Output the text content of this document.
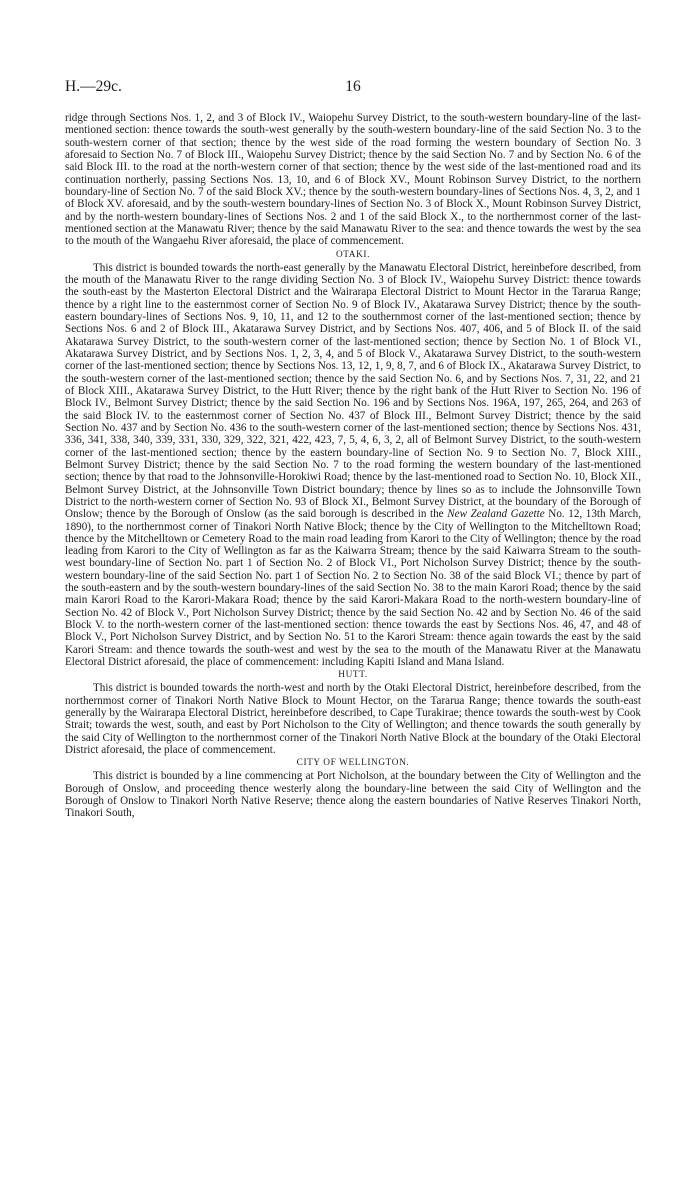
H.—29c.	16

ridge through Sections Nos. 1, 2, and 3 of Block IV., Waiopehu Survey District, to the south-western boundary-line of the last-mentioned section: thence towards the south-west generally by the south-western boundary-line of the said Section No. 3 to the south-western corner of that section; thence by the west side of the road forming the western boundary of Section No. 3 aforesaid to Section No. 7 of Block III., Waiopehu Survey District; thence by the said Section No. 7 and by Section No. 6 of the said Block III. to the road at the north-western corner of that section; thence by the west side of the last-mentioned road and its continuation northerly, passing Sections Nos. 13, 10, and 6 of Block XV., Mount Robinson Survey District, to the northern boundary-line of Section No. 7 of the said Block XV.; thence by the south-western boundary-lines of Sections Nos. 4, 3, 2, and 1 of Block XV. aforesaid, and by the south-western boundary-lines of Section No. 3 of Block X., Mount Robinson Survey District, and by the north-western boundary-lines of Sections Nos. 2 and 1 of the said Block X., to the northernmost corner of the last-mentioned section at the Manawatu River; thence by the said Manawatu River to the sea: and thence towards the west by the sea to the mouth of the Wangaehu River aforesaid, the place of commencement.

OTAKI.

This district is bounded towards the north-east generally by the Manawatu Electoral District, hereinbefore described, from the mouth of the Manawatu River to the range dividing Section No. 3 of Block IV., Waiopehu Survey District: thence towards the south-east by the Masterton Electoral District and the Wairarapa Electoral District to Mount Hector in the Tararua Range; thence by a right line to the easternmost corner of Section No. 9 of Block IV., Akatarawa Survey District; thence by the south-eastern boundary-lines of Sections Nos. 9, 10, 11, and 12 to the southernmost corner of the last-mentioned section; thence by Sections Nos. 6 and 2 of Block III., Akatarawa Survey District, and by Sections Nos. 407, 406, and 5 of Block II. of the said Akatarawa Survey District, to the south-western corner of the last-mentioned section; thence by Section No. 1 of Block VI., Akatarawa Survey District, and by Sections Nos. 1, 2, 3, 4, and 5 of Block V., Akatarawa Survey District, to the south-western corner of the last-mentioned section; thence by Sections Nos. 13, 12, 1, 9, 8, 7, and 6 of Block IX., Akatarawa Survey District, to the south-western corner of the last-mentioned section; thence by the said Section No. 6, and by Sections Nos. 7, 31, 22, and 21 of Block XIII., Akatarawa Survey District, to the Hutt River; thence by the right bank of the Hutt River to Section No. 196 of Block IV., Belmont Survey District; thence by the said Section No. 196 and by Sections Nos. 196A, 197, 265, 264, and 263 of the said Block IV. to the easternmost corner of Section No. 437 of Block III., Belmont Survey District; thence by the said Section No. 437 and by Section No. 436 to the south-western corner of the last-mentioned section; thence by Sections Nos. 431, 336, 341, 338, 340, 339, 331, 330, 329, 322, 321, 422, 423, 7, 5, 4, 6, 3, 2, all of Belmont Survey District, to the south-western corner of the last-mentioned section; thence by the eastern boundary-line of Section No. 9 to Section No. 7, Block XIII., Belmont Survey District; thence by the said Section No. 7 to the road forming the western boundary of the last-mentioned section; thence by that road to the Johnsonville-Horokiwi Road; thence by the last-mentioned road to Section No. 10, Block XII., Belmont Survey District, at the Johnsonville Town District boundary; thence by lines so as to include the Johnsonville Town District to the north-western corner of Section No. 93 of Block XI., Belmont Survey District, at the boundary of the Borough of Onslow; thence by the Borough of Onslow (as the said borough is described in the New Zealand Gazette No. 12, 13th March, 1890), to the northernmost corner of Tinakori North Native Block; thence by the City of Wellington to the Mitchelltown Road; thence by the Mitchelltown or Cemetery Road to the main road leading from Karori to the City of Wellington; thence by the road leading from Karori to the City of Wellington as far as the Kaiwarra Stream; thence by the said Kaiwarra Stream to the south-west boundary-line of Section No. part 1 of Section No. 2 of Block VI., Port Nicholson Survey District; thence by the south-western boundary-line of the said Section No. part 1 of Section No. 2 to Section No. 38 of the said Block VI.; thence by part of the south-eastern and by the south-western boundary-lines of the said Section No. 38 to the main Karori Road; thence by the said main Karori Road to the Karori-Makara Road; thence by the said Karori-Makara Road to the north-western boundary-line of Section No. 42 of Block V., Port Nicholson Survey District; thence by the said Section No. 42 and by Section No. 46 of the said Block V. to the north-western corner of the last-mentioned section: thence towards the east by Sections Nos. 46, 47, and 48 of Block V., Port Nicholson Survey District, and by Section No. 51 to the Karori Stream: thence again towards the east by the said Karori Stream: and thence towards the south-west and west by the sea to the mouth of the Manawatu River at the Manawatu Electoral District aforesaid, the place of commencement: including Kapiti Island and Mana Island.

HUTT.

This district is bounded towards the north-west and north by the Otaki Electoral District, hereinbefore described, from the northernmost corner of Tinakori North Native Block to Mount Hector, on the Tararua Range; thence towards the south-east generally by the Wairarapa Electoral District, hereinbefore described, to Cape Turakirae; thence towards the south-west by Cook Strait; towards the west, south, and east by Port Nicholson to the City of Wellington; and thence towards the south generally by the said City of Wellington to the northernmost corner of the Tinakori North Native Block at the boundary of the Otaki Electoral District aforesaid, the place of commencement.

CITY OF WELLINGTON.

This district is bounded by a line commencing at Port Nicholson, at the boundary between the City of Wellington and the Borough of Onslow, and proceeding thence westerly along the boundary-line between the said City of Wellington and the Borough of Onslow to Tinakori North Native Reserve; thence along the eastern boundaries of Native Reserves Tinakori North, Tinakori South,
